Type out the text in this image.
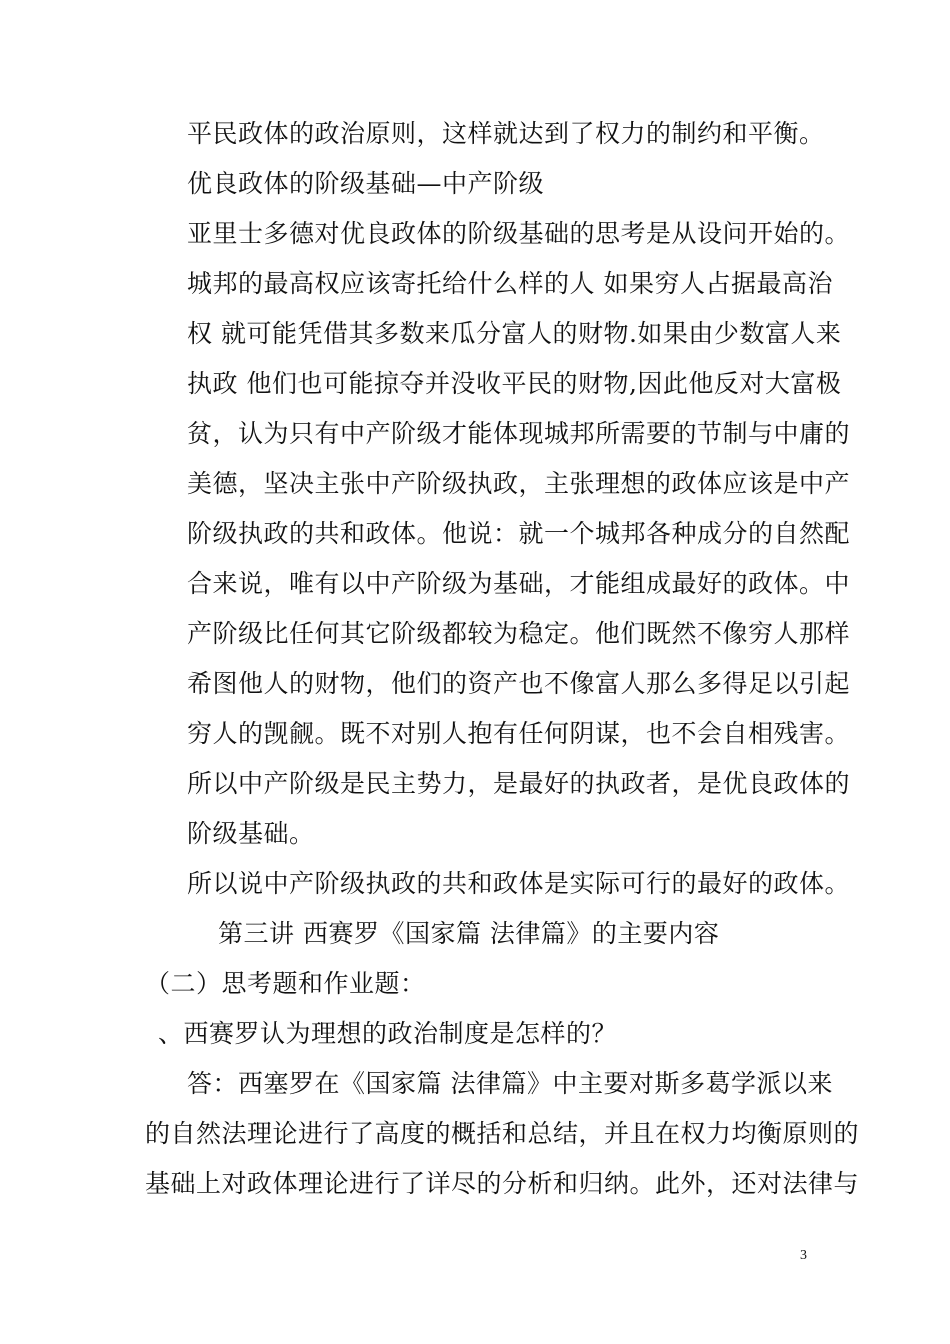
平民政体的政治原则，这样就达到了权力的制约和平衡。
优良政体的阶级基础—中产阶级
亚里士多德对优良政体的阶级基础的思考是从设问开始的。
城邦的最高权应该寄托给什么样的人 如果穷人占据最高治
权 就可能凭借其多数来瓜分富人的财物.如果由少数富人来
执政 他们也可能掠夺并没收平民的财物,因此他反对大富极
贫，认为只有中产阶级才能体现城邦所需要的节制与中庸的
美德，坚决主张中产阶级执政，主张理想的政体应该是中产
阶级执政的共和政体。他说：就一个城邦各种成分的自然配
合来说，唯有以中产阶级为基础，才能组成最好的政体。中
产阶级比任何其它阶级都较为稳定。他们既然不像穷人那样
希图他人的财物，他们的资产也不像富人那么多得足以引起
穷人的觊觎。既不对别人抱有任何阴谋，也不会自相残害。
所以中产阶级是民主势力，是最好的执政者，是优良政体的
阶级基础。
所以说中产阶级执政的共和政体是实际可行的最好的政体。
第三讲 西赛罗《国家篇 法律篇》的主要内容
（二）思考题和作业题：
、西赛罗认为理想的政治制度是怎样的？
答：西塞罗在《国家篇 法律篇》中主要对斯多葛学派以来
的自然法理论进行了高度的概括和总结，并且在权力均衡原则的
基础上对政体理论进行了详尽的分析和归纳。此外，还对法律与
3
